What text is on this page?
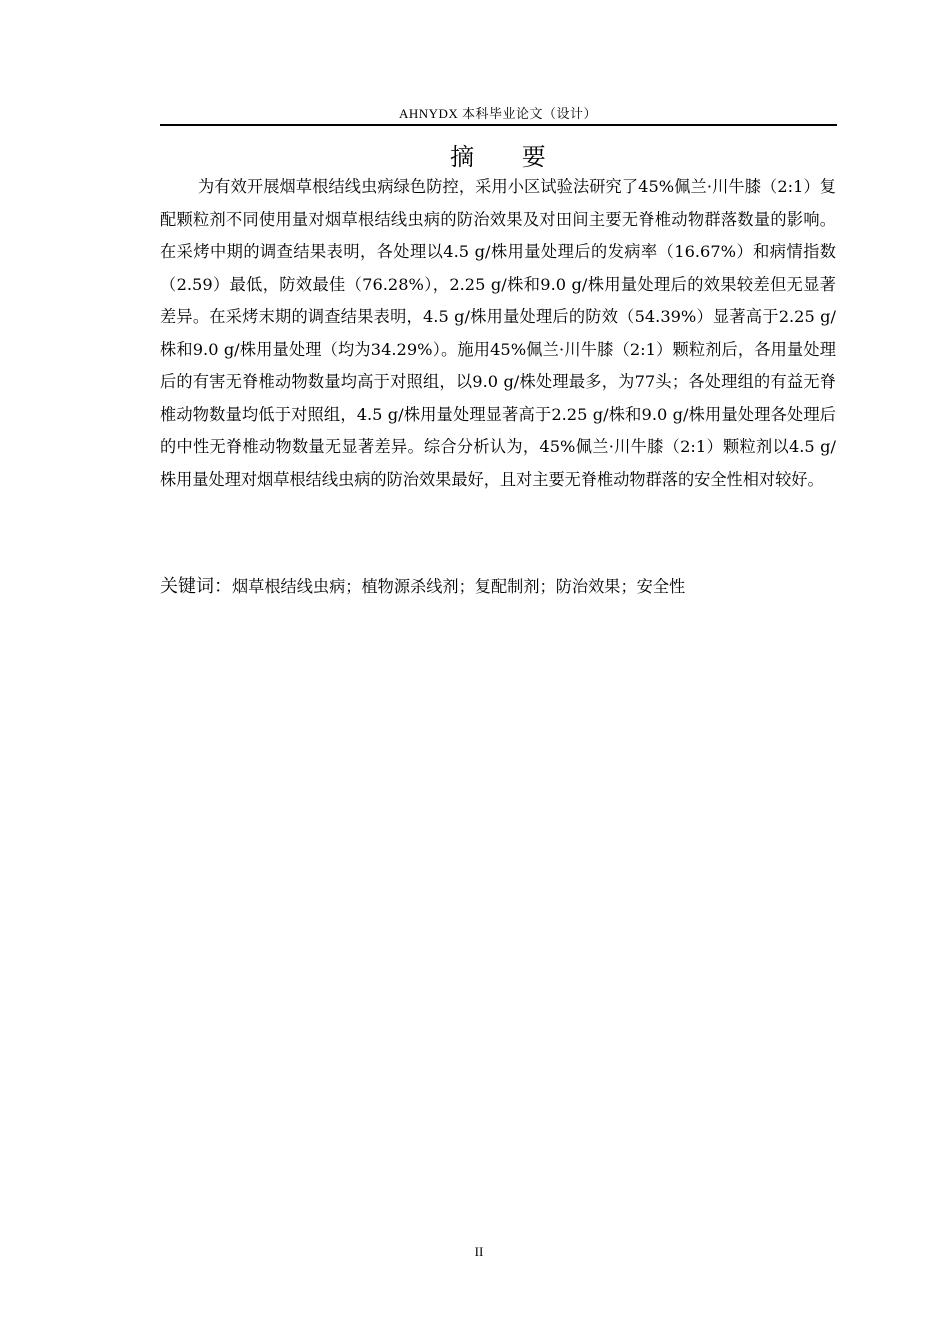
AHNYDX 本科毕业论文（设计）
摘 要

为有效开展烟草根结线虫病绿色防控，采用小区试验法研究了45%佩兰·川牛膝（2:1）复配颗粒剂不同使用量对烟草根结线虫病的防治效果及对田间主要无脊椎动物群落数量的影响。在采烤中期的调查结果表明，各处理以4.5 g/株用量处理后的发病率（16.67%）和病情指数（2.59）最低，防效最佳（76.28%），2.25 g/株和9.0 g/株用量处理后的效果较差但无显著差异。在采烤末期的调查结果表明，4.5 g/株用量处理后的防效（54.39%）显著高于2.25 g/株和9.0 g/株用量处理（均为34.29%）。施用45%佩兰·川牛膝（2:1）颗粒剂后，各用量处理后的有害无脊椎动物数量均高于对照组，以9.0 g/株处理最多，为77头；各处理组的有益无脊椎动物数量均低于对照组，4.5 g/株用量处理显著高于2.25 g/株和9.0 g/株用量处理各处理后的中性无脊椎动物数量无显著差异。综合分析认为，45%佩兰·川牛膝（2:1）颗粒剂以4.5 g/株用量处理对烟草根结线虫病的防治效果最好，且对主要无脊椎动物群落的安全性相对较好。

关键词：烟草根结线虫病；植物源杀线剂；复配制剂；防治效果；安全性
II
